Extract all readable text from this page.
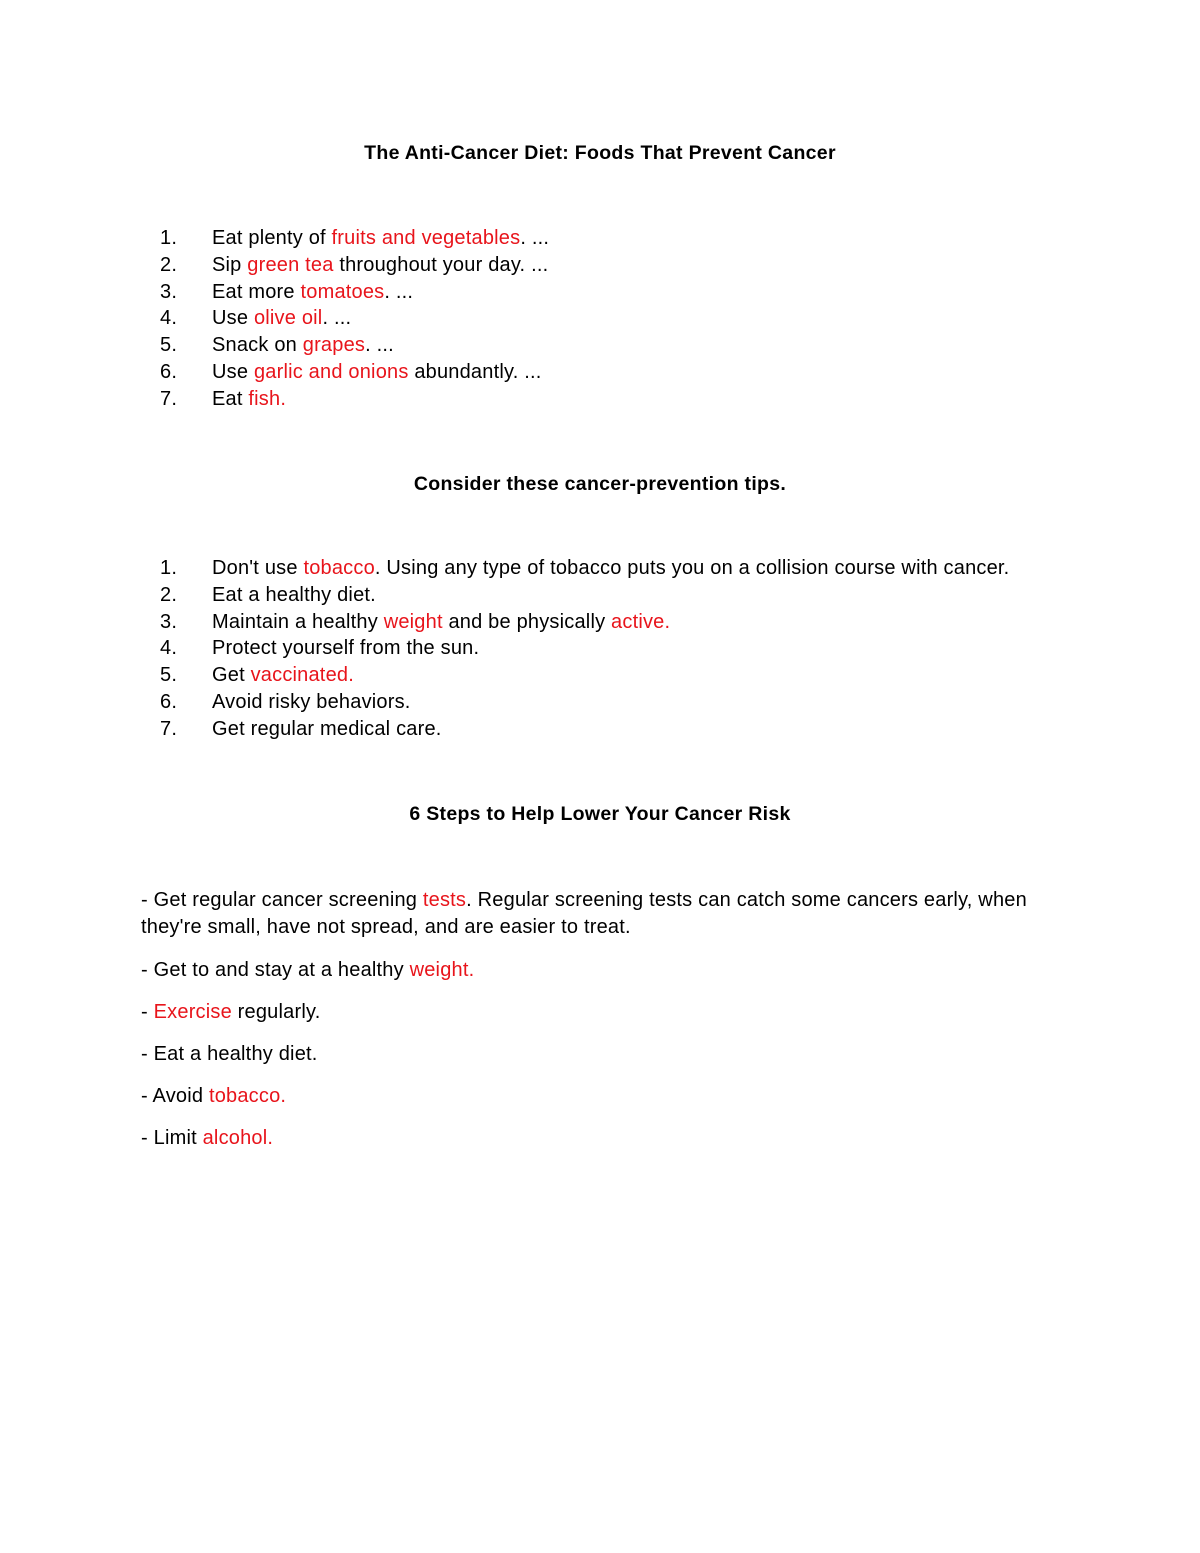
The Anti-Cancer Diet: Foods That Prevent Cancer
1. Eat plenty of fruits and vegetables. ...
2. Sip green tea throughout your day. ...
3. Eat more tomatoes. ...
4. Use olive oil. ...
5. Snack on grapes. ...
6. Use garlic and onions abundantly. ...
7. Eat fish.
Consider these cancer-prevention tips.
1. Don't use tobacco. Using any type of tobacco puts you on a collision course with cancer.
2. Eat a healthy diet.
3. Maintain a healthy weight and be physically active.
4. Protect yourself from the sun.
5. Get vaccinated.
6. Avoid risky behaviors.
7. Get regular medical care.
6 Steps to Help Lower Your Cancer Risk

- Get regular cancer screening tests. Regular screening tests can catch some cancers early, when they're small, have not spread, and are easier to treat.

- Get to and stay at a healthy weight.

- Exercise regularly.

- Eat a healthy diet.

- Avoid tobacco.

- Limit alcohol.
